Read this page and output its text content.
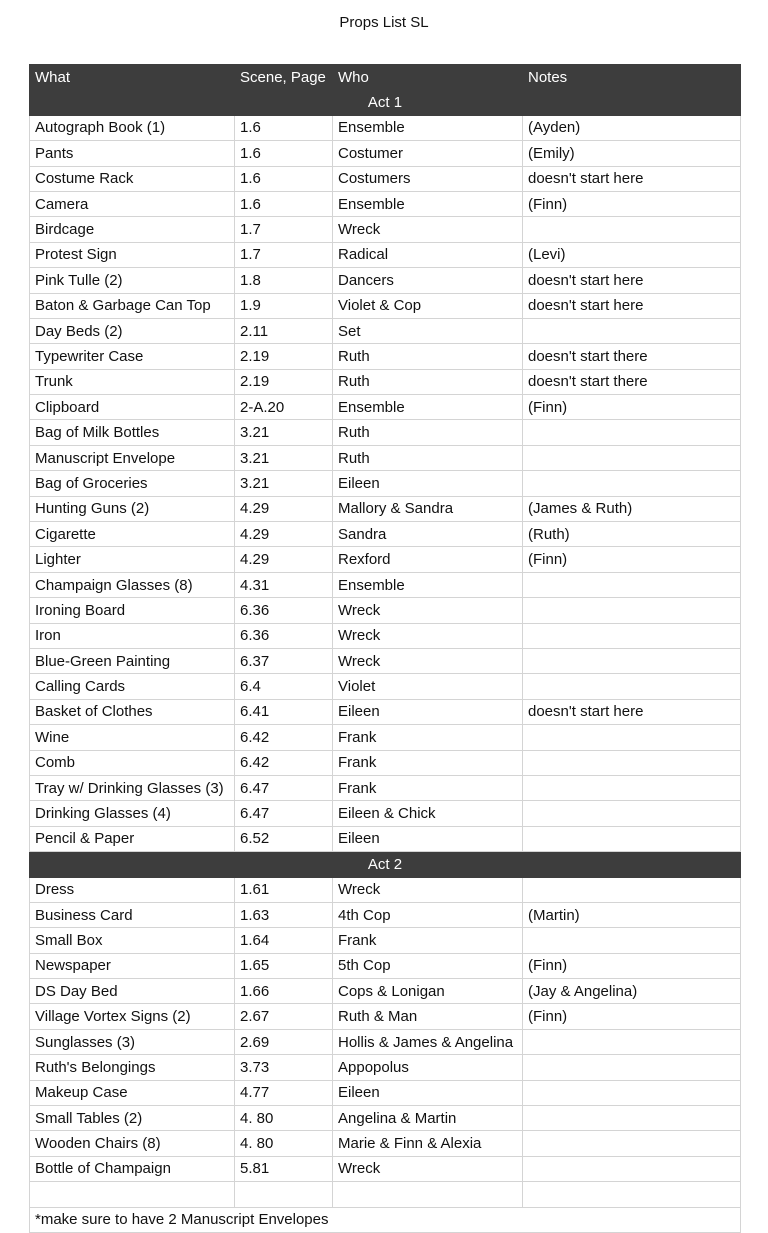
Props List SL
What	Scene, Page	Who	Notes
Act 1			
Autograph Book (1)	1.6	Ensemble	(Ayden)
Pants	1.6	Costumer	(Emily)
Costume Rack	1.6	Costumers	doesn't start here
Camera	1.6	Ensemble	(Finn)
Birdcage	1.7	Wreck	
Protest Sign	1.7	Radical	(Levi)
Pink Tulle (2)	1.8	Dancers	doesn't start here
Baton & Garbage Can Top	1.9	Violet & Cop	doesn't start here
Day Beds (2)	2.11	Set	
Typewriter Case	2.19	Ruth	doesn't start there
Trunk	2.19	Ruth	doesn't start there
Clipboard	2-A.20	Ensemble	(Finn)
Bag of Milk Bottles	3.21	Ruth	
Manuscript Envelope	3.21	Ruth	
Bag of Groceries	3.21	Eileen	
Hunting Guns (2)	4.29	Mallory & Sandra	(James & Ruth)
Cigarette	4.29	Sandra	(Ruth)
Lighter	4.29	Rexford	(Finn)
Champaign Glasses (8)	4.31	Ensemble	
Ironing Board	6.36	Wreck	
Iron	6.36	Wreck	
Blue-Green Painting	6.37	Wreck	
Calling Cards	6.4	Violet	
Basket of Clothes	6.41	Eileen	doesn't start here
Wine	6.42	Frank	
Comb	6.42	Frank	
Tray w/ Drinking Glasses (3)	6.47	Frank	
Drinking Glasses (4)	6.47	Eileen & Chick	
Pencil & Paper	6.52	Eileen	
Act 2			
Dress	1.61	Wreck	
Business Card	1.63	4th Cop	(Martin)
Small Box	1.64	Frank	
Newspaper	1.65	5th Cop	(Finn)
DS Day Bed	1.66	Cops & Lonigan	(Jay & Angelina)
Village Vortex Signs (2)	2.67	Ruth & Man	(Finn)
Sunglasses (3)	2.69	Hollis & James & Angelina	
Ruth's Belongings	3.73	Appopolus	
Makeup Case	4.77	Eileen	
Small Tables (2)	4. 80	Angelina & Martin	
Wooden Chairs (8)	4. 80	Marie & Finn & Alexia	
Bottle of Champaign	5.81	Wreck	

*make sure to have 2 Manuscript Envelopes			
